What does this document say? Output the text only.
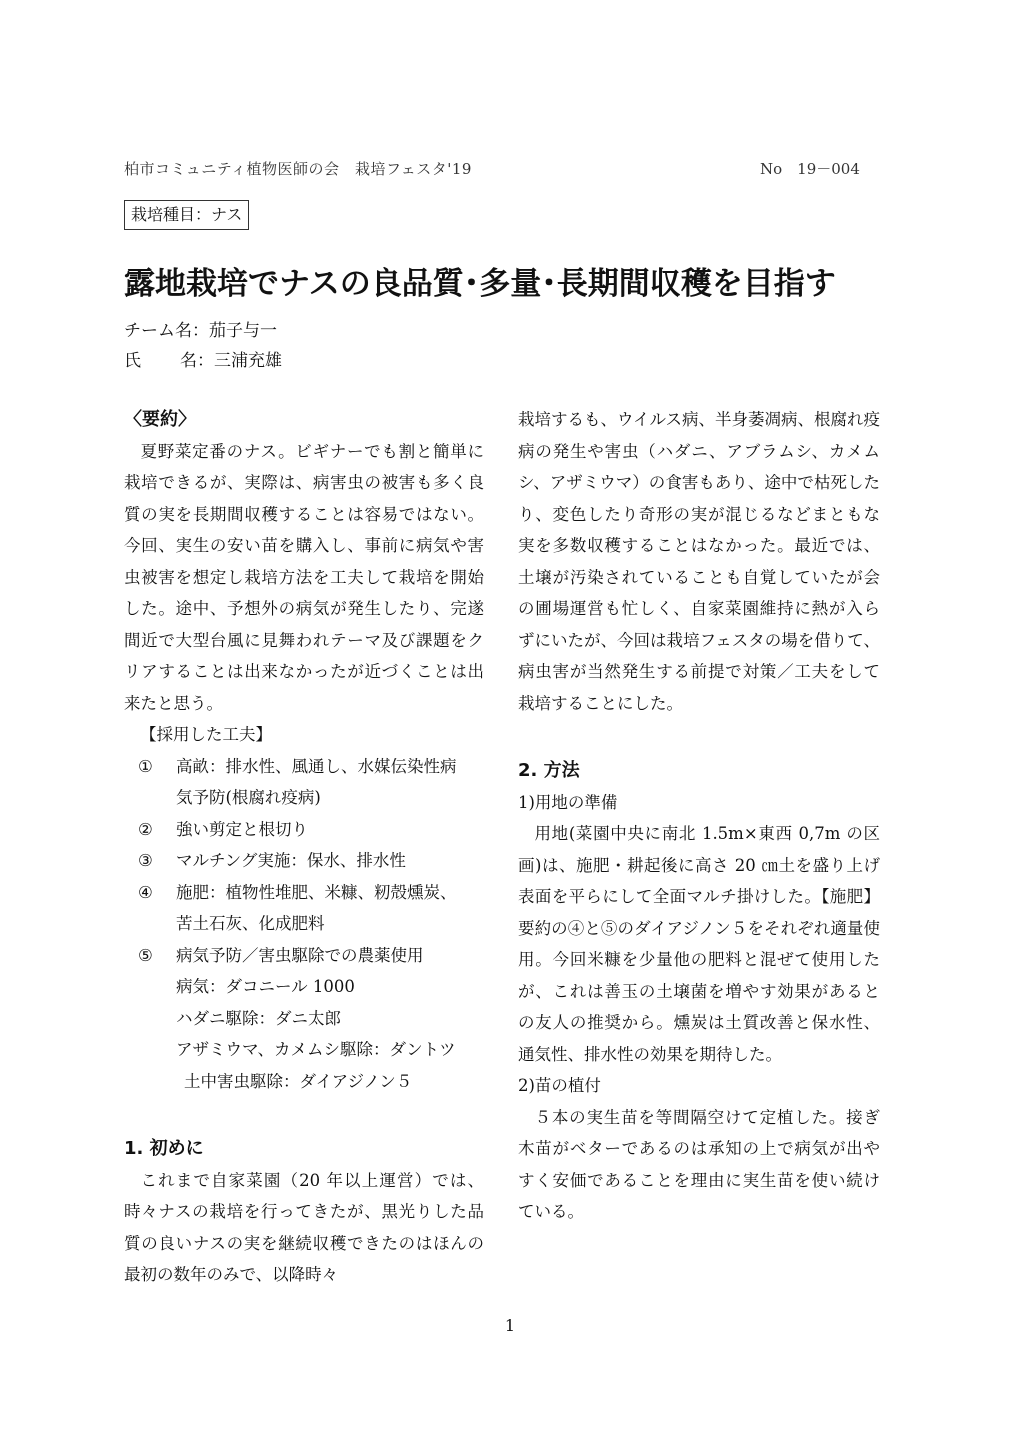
柏市コミュニティ植物医師の会　栽培フェスタ'19	No　19－004
栽培種目：ナス
露地栽培でナスの良品質･多量･長期間収穫を目指す
チーム名：茄子与一
氏 名：三浦充雄
〈要約〉

夏野菜定番のナス。ビギナーでも割と簡単に栽培できるが、実際は、病害虫の被害も多く良質の実を長期間収穫することは容易ではない。今回、実生の安い苗を購入し、事前に病気や害虫被害を想定し栽培方法を工夫して栽培を開始した。途中、予想外の病気が発生したり、完遂間近で大型台風に見舞われテーマ及び課題をクリアすることは出来なかったが近づくことは出来たと思う。

【採用した工夫】
① 高畝：排水性、風通し、水媒伝染性病
気予防(根腐れ疫病)
② 強い剪定と根切り
③ マルチング実施：保水、排水性
④ 施肥：植物性堆肥、米糠、籾殻燻炭、
苦土石灰、化成肥料
⑤ 病気予防／害虫駆除での農薬使用
病気：ダコニール 1000
ハダニ駆除：ダニ太郎
アザミウマ、カメムシ駆除：ダントツ
土中害虫駆除：ダイアジノン５
1. 初めに

これまで自家菜園（20 年以上運営）では、時々ナスの栽培を行ってきたが、黒光りした品質の良いナスの実を継続収穫できたのはほんの最初の数年のみで、以降時々

栽培するも、ウイルス病、半身萎凋病、根腐れ疫病の発生や害虫（ハダニ、アブラムシ、カメムシ、アザミウマ）の食害もあり、途中で枯死したり、変色したり奇形の実が混じるなどまともな実を多数収穫することはなかった。最近では、土壌が汚染されていることも自覚していたが会の圃場運営も忙しく、自家菜園維持に熱が入らずにいたが、今回は栽培フェスタの場を借りて、病虫害が当然発生する前提で対策／工夫をして栽培することにした。

2. 方法
1)用地の準備

用地(菜園中央に南北 1.5m×東西 0,7m の区画)は、施肥・耕起後に高さ 20 ㎝土を盛り上げ表面を平らにして全面マルチ掛けした。【施肥】要約の④と⑤のダイアジノン５をそれぞれ適量使用。今回米糠を少量他の肥料と混ぜて使用したが、これは善玉の土壌菌を増やす効果があるとの友人の推奨から。燻炭は土質改善と保水性、通気性、排水性の効果を期待した。

2)苗の植付

５本の実生苗を等間隔空けて定植した。接ぎ木苗がベターであるのは承知の上で病気が出やすく安価であることを理由に実生苗を使い続けている。

1
